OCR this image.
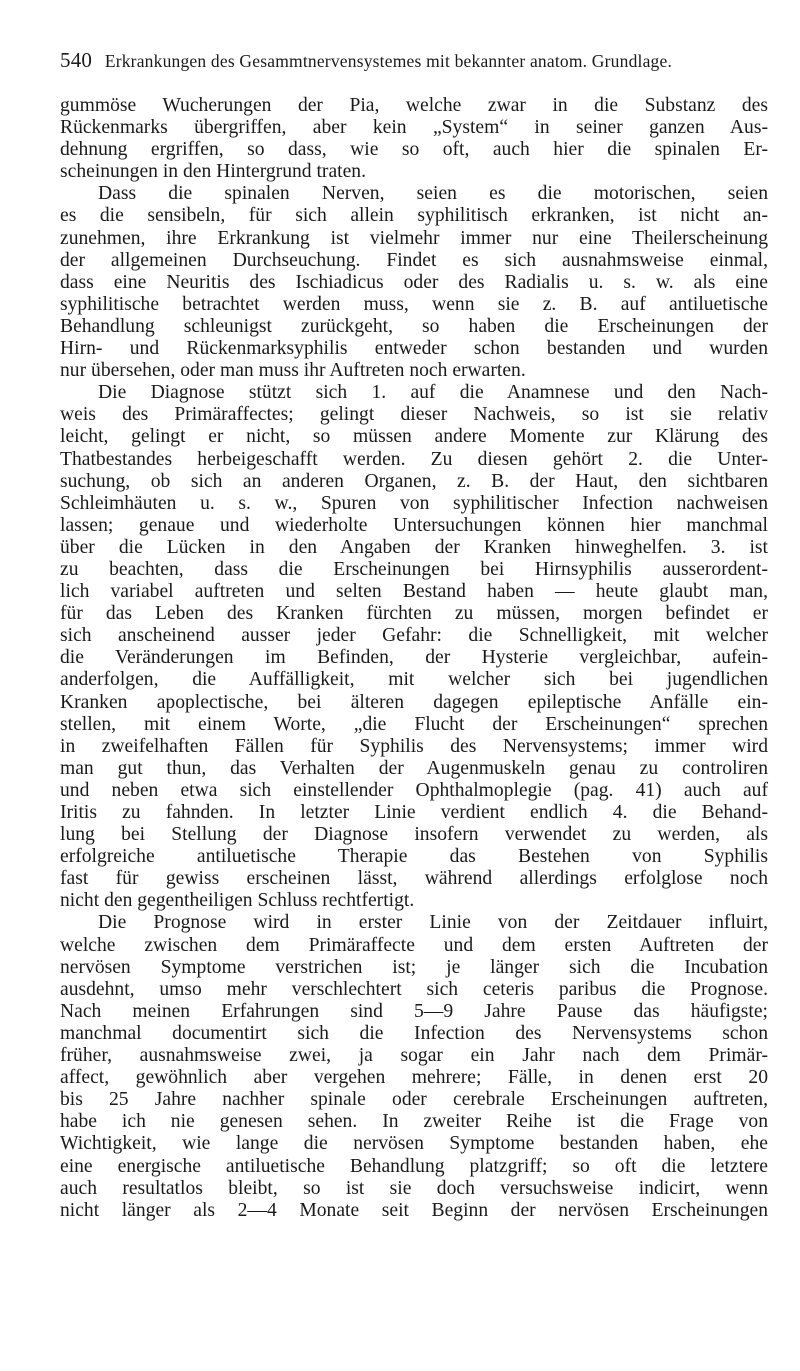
540 Erkrankungen des Gesammtnervensystemes mit bekannter anatom. Grundlage.
gummöse Wucherungen der Pia, welche zwar in die Substanz des
Rückenmarks übergriffen, aber kein „System“ in seiner ganzen Aus-
dehnung ergriffen, so dass, wie so oft, auch hier die spinalen Er-
scheinungen in den Hintergrund traten.
Dass die spinalen Nerven, seien es die motorischen, seien
es die sensibeln, für sich allein syphilitisch erkranken, ist nicht an-
zunehmen, ihre Erkrankung ist vielmehr immer nur eine Theilerscheinung
der allgemeinen Durchseuchung. Findet es sich ausnahmsweise einmal,
dass eine Neuritis des Ischiadicus oder des Radialis u. s. w. als eine
syphilitische betrachtet werden muss, wenn sie z. B. auf antiluetische
Behandlung schleunigst zurückgeht, so haben die Erscheinungen der
Hirn- und Rückenmarksyphilis entweder schon bestanden und wurden
nur übersehen, oder man muss ihr Auftreten noch erwarten.
Die Diagnose stützt sich 1. auf die Anamnese und den Nach-
weis des Primäraffectes; gelingt dieser Nachweis, so ist sie relativ
leicht, gelingt er nicht, so müssen andere Momente zur Klärung des
Thatbestandes herbeigeschafft werden. Zu diesen gehört 2. die Unter-
suchung, ob sich an anderen Organen, z. B. der Haut, den sichtbaren
Schleimhäuten u. s. w., Spuren von syphilitischer Infection nachweisen
lassen; genaue und wiederholte Untersuchungen können hier manchmal
über die Lücken in den Angaben der Kranken hinweghelfen. 3. ist
zu beachten, dass die Erscheinungen bei Hirnsyphilis ausserordent-
lich variabel auftreten und selten Bestand haben — heute glaubt man,
für das Leben des Kranken fürchten zu müssen, morgen befindet er
sich anscheinend ausser jeder Gefahr: die Schnelligkeit, mit welcher
die Veränderungen im Befinden, der Hysterie vergleichbar, aufein-
anderfolgen, die Auffälligkeit, mit welcher sich bei jugendlichen
Kranken apoplectische, bei älteren dagegen epileptische Anfälle ein-
stellen, mit einem Worte, „die Flucht der Erscheinungen“ sprechen
in zweifelhaften Fällen für Syphilis des Nervensystems; immer wird
man gut thun, das Verhalten der Augenmuskeln genau zu controliren
und neben etwa sich einstellender Ophthalmoplegie (pag. 41) auch auf
Iritis zu fahnden. In letzter Linie verdient endlich 4. die Behand-
lung bei Stellung der Diagnose insofern verwendet zu werden, als
erfolgreiche antiluetische Therapie das Bestehen von Syphilis
fast für gewiss erscheinen lässt, während allerdings erfolglose noch
nicht den gegentheiligen Schluss rechtfertigt.
Die Prognose wird in erster Linie von der Zeitdauer influirt,
welche zwischen dem Primäraffecte und dem ersten Auftreten der
nervösen Symptome verstrichen ist; je länger sich die Incubation
ausdehnt, umso mehr verschlechtert sich ceteris paribus die Prognose.
Nach meinen Erfahrungen sind 5—9 Jahre Pause das häufigste;
manchmal documentirt sich die Infection des Nervensystems schon
früher, ausnahmsweise zwei, ja sogar ein Jahr nach dem Primär-
affect, gewöhnlich aber vergehen mehrere; Fälle, in denen erst 20
bis 25 Jahre nachher spinale oder cerebrale Erscheinungen auftreten,
habe ich nie genesen sehen. In zweiter Reihe ist die Frage von
Wichtigkeit, wie lange die nervösen Symptome bestanden haben, ehe
eine energische antiluetische Behandlung platzgriff; so oft die letztere
auch resultatlos bleibt, so ist sie doch versuchsweise indicirt, wenn
nicht länger als 2—4 Monate seit Beginn der nervösen Erscheinungen
